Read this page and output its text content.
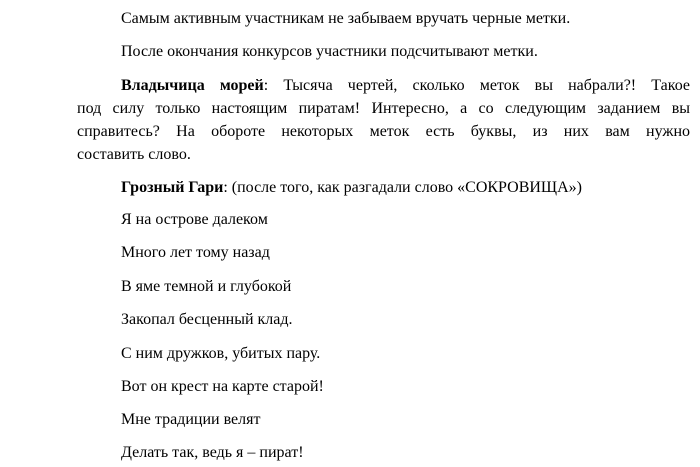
Самым активным участникам не забываем вручать черные метки.
После окончания конкурсов участники подсчитывают метки.
Владычица морей: Тысяча чертей, сколько меток вы набрали?! Такое
под силу только настоящим пиратам! Интересно, а со следующим заданием вы
справитесь? На обороте некоторых меток есть буквы, из них вам нужно
составить слово.
Грозный Гари: (после того, как разгадали слово «СОКРОВИЩА»)
Я на острове далеком
Много лет тому назад
В яме темной и глубокой
Закопал бесценный клад.
С ним дружков, убитых пару.
Вот он крест на карте старой!
Мне традиции велят
Делать так, ведь я – пират!
